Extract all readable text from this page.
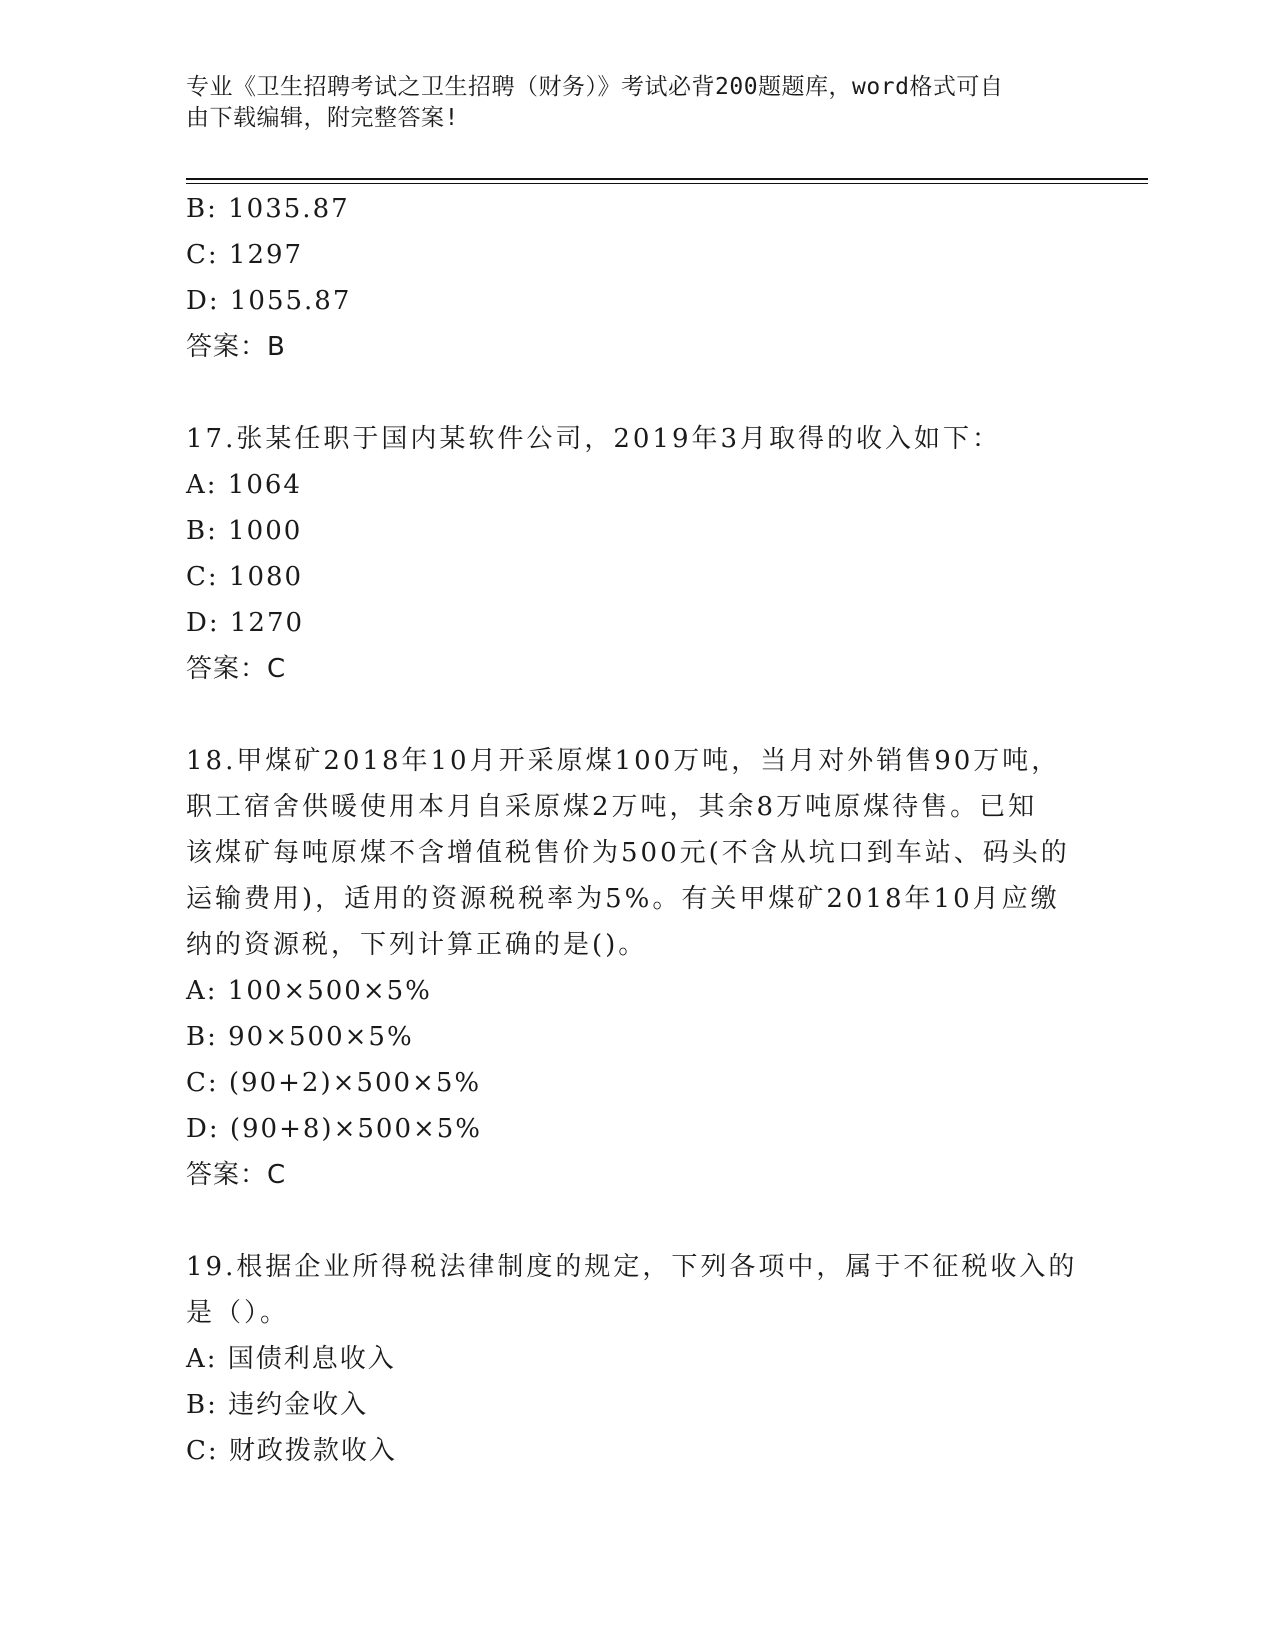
专业《卫生招聘考试之卫生招聘（财务）》考试必背200题题库，word格式可自
由下载编辑，附完整答案!
B: 1035.87
C: 1297
D: 1055.87
答案：B
17.张某任职于国内某软件公司，2019年3月取得的收入如下：
A: 1064
B: 1000
C: 1080
D: 1270
答案：C
18.甲煤矿2018年10月开采原煤100万吨，当月对外销售90万吨，
职工宿舍供暖使用本月自采原煤2万吨，其余8万吨原煤待售。已知
该煤矿每吨原煤不含增值税售价为500元(不含从坑口到车站、码头的
运输费用)，适用的资源税税率为5%。有关甲煤矿2018年10月应缴
纳的资源税，下列计算正确的是()。
A: 100×500×5%
B: 90×500×5%
C: (90+2)×500×5%
D: (90+8)×500×5%
答案：C
19.根据企业所得税法律制度的规定，下列各项中，属于不征税收入的
是（）。
A: 国债利息收入
B: 违约金收入
C: 财政拨款收入
